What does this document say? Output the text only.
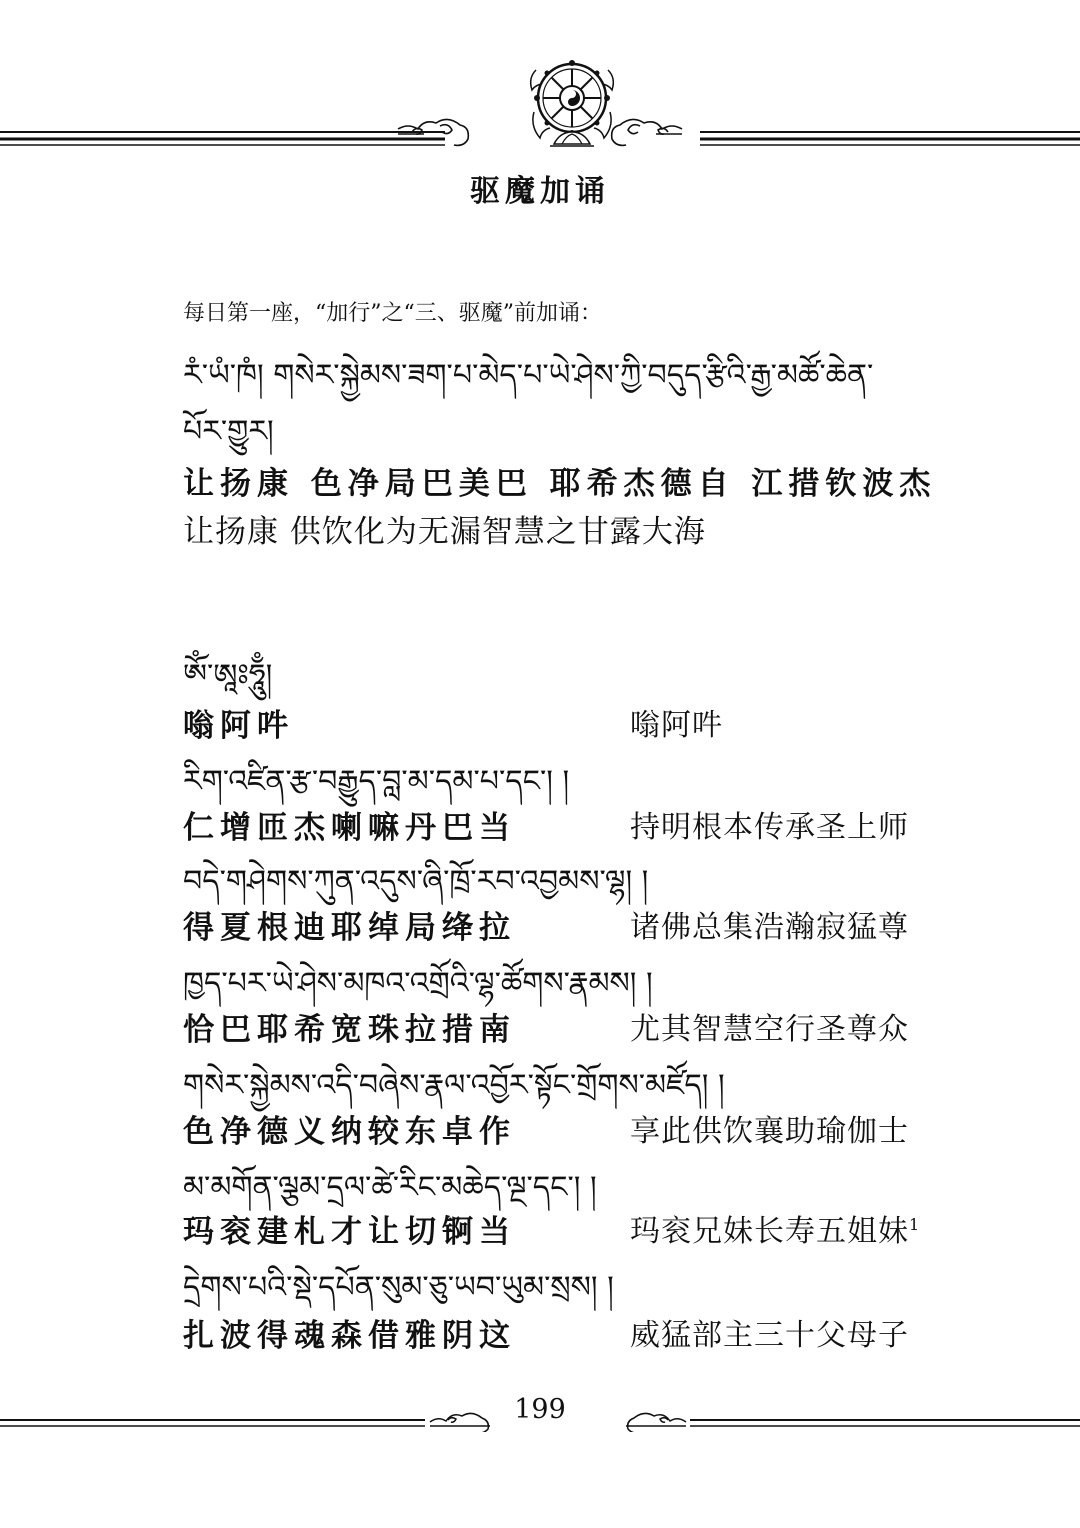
驱魔加诵
每日第一座，“加行”之“三、驱魔”前加诵：
རཾ་ཡཾ་ཁཾ། གསེར་སྐྱེམས་ཟག་པ་མེད་པ་ཡེ་ཤེས་ཀྱི་བདུད་རྩིའི་རྒྱ་མཚོ་ཆེན་
པོར་གྱུར།
让扬康 色净局巴美巴 耶希杰德自 江措钦波杰
让扬康 供饮化为无漏智慧之甘露大海
ཨོཾ་ཨཱཿཧཱུྃ།
嗡阿吽	嗡阿吽
རིག་འཛིན་རྩ་བརྒྱུད་བླ་མ་དམ་པ་དང་། །
仁增匝杰喇嘛丹巴当	持明根本传承圣上师
བདེ་གཤེགས་ཀུན་འདུས་ཞི་ཁྲོ་རབ་འབྱམས་ལྷ། །
得夏根迪耶绰局绛拉	诸佛总集浩瀚寂猛尊
ཁྱད་པར་ཡེ་ཤེས་མཁའ་འགྲོའི་ལྷ་ཚོགས་རྣམས། །
恰巴耶希宽珠拉措南	尤其智慧空行圣尊众
གསེར་སྐྱེམས་འདི་བཞེས་རྣལ་འབྱོར་སྟོང་གྲོགས་མཛོད། །
色净德义纳较东卓作	享此供饮襄助瑜伽士
མ་མགོན་ལྕམ་དྲལ་ཚེ་རིང་མཆེད་ལྔ་དང་། །
玛衮建札才让切锕当	玛衮兄妹长寿五姐妹$^1$
དྲེགས་པའི་སྡེ་དཔོན་སུམ་ཅུ་ཡབ་ཡུམ་སྲས། །
扎波得魂森借雅阴这	威猛部主三十父母子
199
